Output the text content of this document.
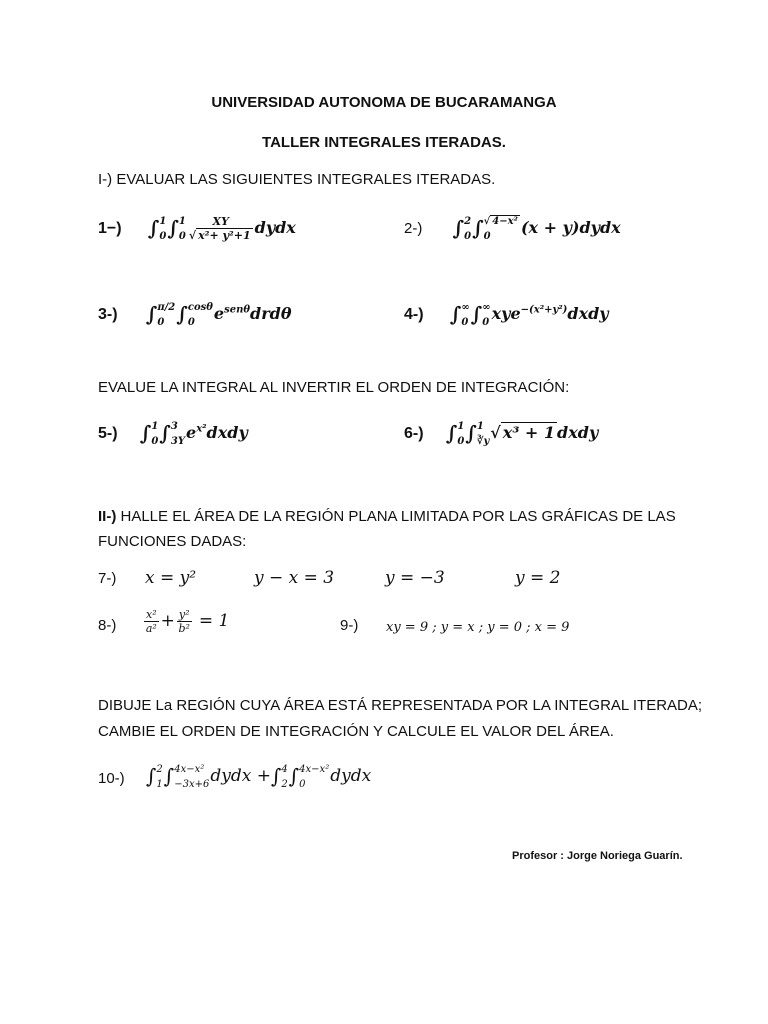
UNIVERSIDAD AUTONOMA DE BUCARAMANGA
TALLER INTEGRALES ITERADAS.
I-) EVALUAR LAS SIGUIENTES INTEGRALES ITERADAS.
1−) ∫ 1
0 ∫ 1
$0 \frac{XY}{\text{√ x²+ y²+1}}$ dydx	2-) ∫ 2
0 ∫ √ 4−x²
0	(x + y)dydx
3-) ∫ π/2
0 ∫ cosθ
0	$e^{sen\theta}drd\theta$	4-) ∫ ∞
0 ∫ ∞
0 xye$^{-(x^2+y^2)}$dxdy
EVALUE LA INTEGRAL AL INVERTIR EL ORDEN DE INTEGRACIÓN:
5-) ∫ 1
0 ∫ 3
3Y $e^{x^2}dxdy$	6-) ∫ 1
0 ∫ 1
∛y √ x³ + 1 dxdy
II-) HALLE EL ÁREA DE LA REGIÓN PLANA LIMITADA POR LAS GRÁFICAS DE LAS
FUNCIONES DADAS:
7-) x = y²	y − x = 3	y = −3	y = 2
8-)	$\frac{\text{x²}}{\text{a²}} + \frac{\text{y²}}{\text{b²}} = 1$	9-) xy = 9 ; y = x ; y = 0 ; x = 9
DIBUJE La REGIÓN CUYA ÁREA ESTÁ REPRESENTADA POR LA INTEGRAL ITERADA;
CAMBIE EL ORDEN DE INTEGRACIÓN Y CALCULE EL VALOR DEL ÁREA.
10-) ∫ 2
1 ∫ 4x−x²
−3x+6 dydx +∫ 4
2 ∫ 4x−x²
0	dydx
Profesor : Jorge Noriega Guarín.
